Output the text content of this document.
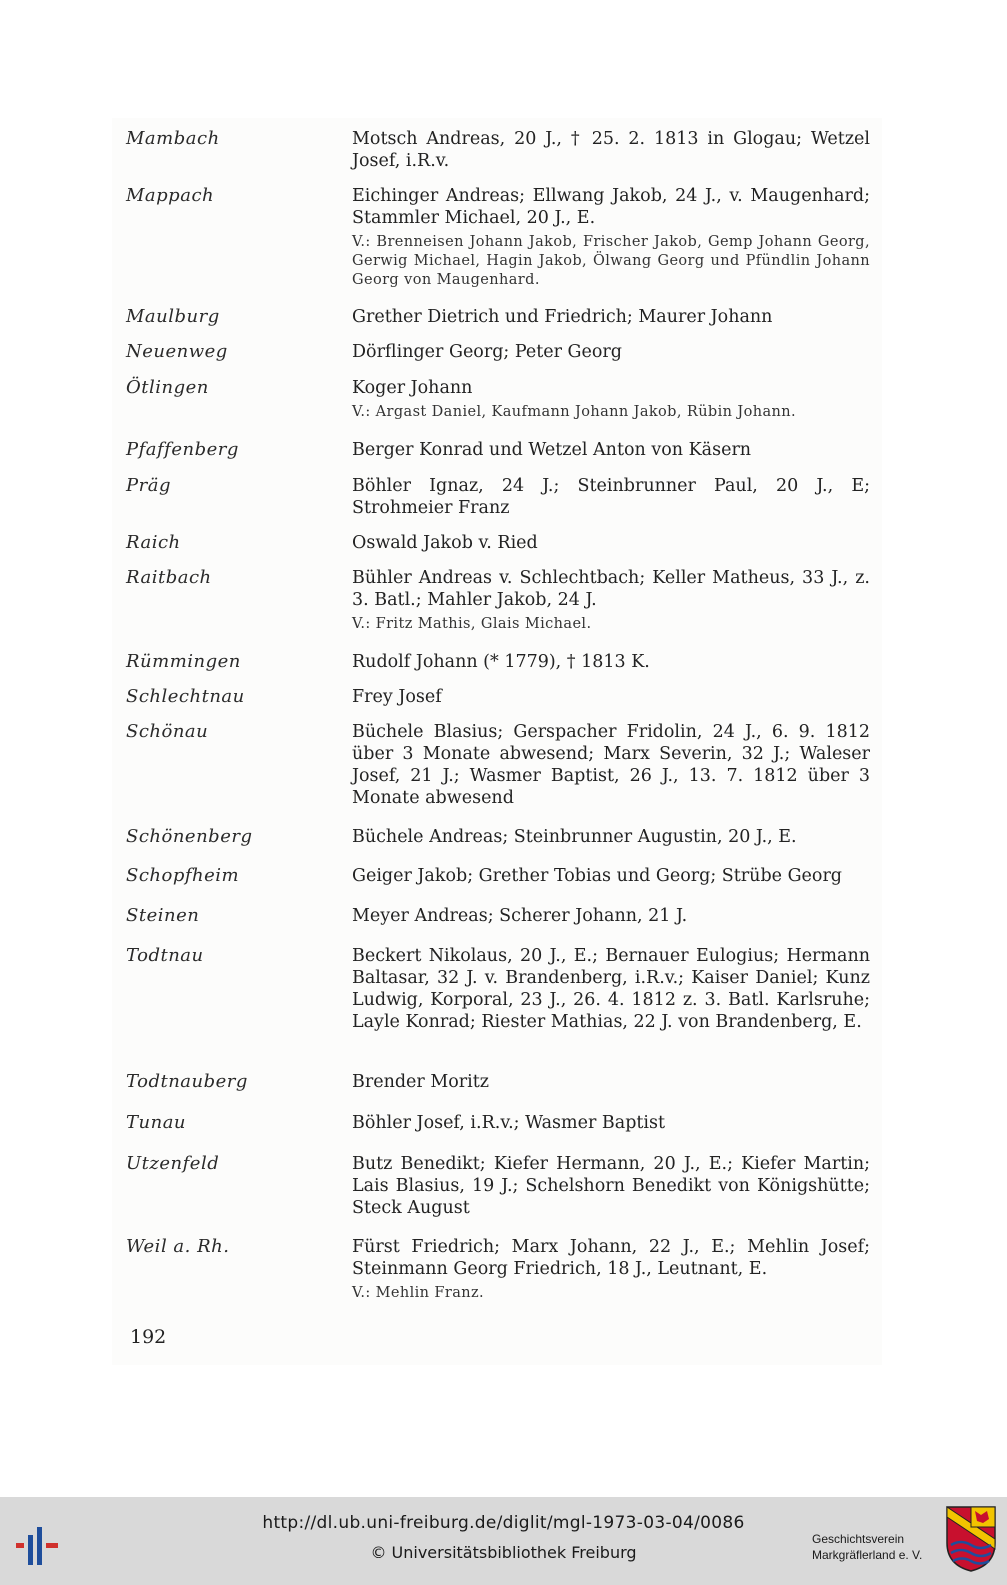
Mambach	Motsch Andreas, 20 J., † 25. 2. 1813 in Glogau; Wetzel Josef, i.R.v.
Mappach	Eichinger Andreas; Ellwang Jakob, 24 J., v. Maugenhard; Stammler Michael, 20 J., E.
V.: Brenneisen Johann Jakob, Frischer Jakob, Gemp Johann Georg, Gerwig Michael, Hagin Jakob, Ölwang Georg und Pfündlin Johann Georg von Maugenhard.
Maulburg	Grether Dietrich und Friedrich; Maurer Johann
Neuenweg	Dörflinger Georg; Peter Georg
Ötlingen	Koger Johann
V.: Argast Daniel, Kaufmann Johann Jakob, Rübin Johann.
Pfaffenberg	Berger Konrad und Wetzel Anton von Käsern
Präg	Böhler Ignaz, 24 J.; Steinbrunner Paul, 20 J., E; Strohmeier Franz
Raich	Oswald Jakob v. Ried
Raitbach	Bühler Andreas v. Schlechtbach; Keller Matheus, 33 J., z. 3. Batl.; Mahler Jakob, 24 J.
V.: Fritz Mathis, Glais Michael.
Rümmingen	Rudolf Johann (* 1779), † 1813 K.
Schlechtnau	Frey Josef
Schönau	Büchele Blasius; Gerspacher Fridolin, 24 J., 6. 9. 1812 über 3 Monate abwesend; Marx Severin, 32 J.; Waleser Josef, 21 J.; Wasmer Baptist, 26 J., 13. 7. 1812 über 3 Monate abwesend
Schönenberg	Büchele Andreas; Steinbrunner Augustin, 20 J., E.
Schopfheim	Geiger Jakob; Grether Tobias und Georg; Strübe Georg
Steinen	Meyer Andreas; Scherer Johann, 21 J.
Todtnau	Beckert Nikolaus, 20 J., E.; Bernauer Eulogius; Hermann Baltasar, 32 J. v. Brandenberg, i.R.v.; Kaiser Daniel; Kunz Ludwig, Korporal, 23 J., 26. 4. 1812 z. 3. Batl. Karlsruhe; Layle Konrad; Riester Mathias, 22 J. von Brandenberg, E.
Todtnauberg	Brender Moritz
Tunau	Böhler Josef, i.R.v.; Wasmer Baptist
Utzenfeld	Butz Benedikt; Kiefer Hermann, 20 J., E.; Kiefer Martin; Lais Blasius, 19 J.; Schelshorn Benedikt von Königshütte; Steck August
Weil a. Rh.	Fürst Friedrich; Marx Johann, 22 J., E.; Mehlin Josef; Steinmann Georg Friedrich, 18 J., Leutnant, E.
V.: Mehlin Franz.
192
http://dl.ub.uni-freiburg.de/diglit/mgl-1973-03-04/0086
© Universitätsbibliothek Freiburg
Geschichtsverein
Markgräflerland e. V.
